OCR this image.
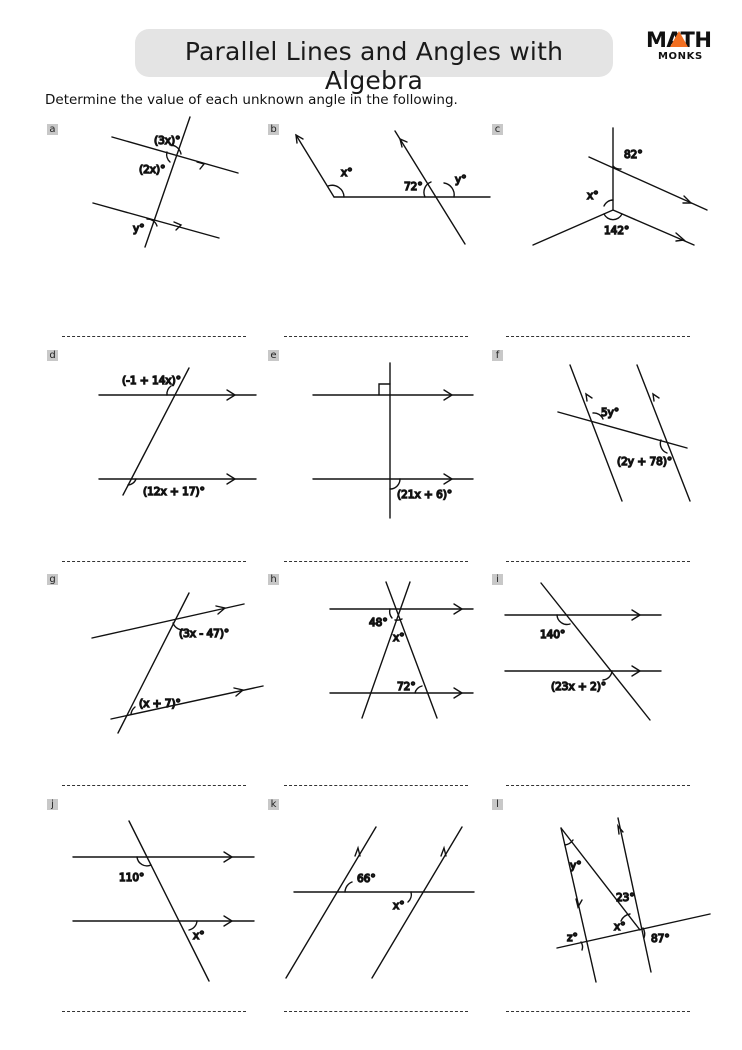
Parallel Lines and Angles with Algebra
MATH
MONKS
Determine the value of each unknown angle in the following.
a	b	c
d	e	f
g	h	i
j	k	l
(3x)°
(2x)°
y°
x°
72°
y°
82°
x°
142°
(-1 + 14x)°
(12x + 17)°	(21x + 6)°
5y°
(2y + 78)°
(3x - 47)°
(x + 7)°
48°
x°
72°
140°
(23x + 2)°
110°
x°
66°
x°
y°
23°
x°
87°
z°
